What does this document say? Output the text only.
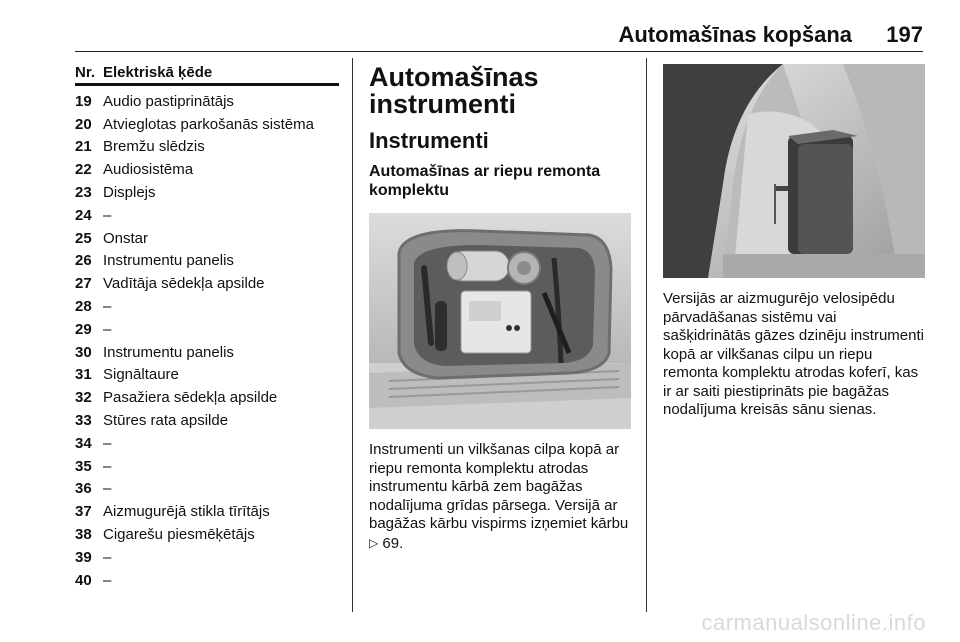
Automašīnas kopšana 197
Nr. Elektriskā ķēde
19 Audio pastiprinātājs
20 Atvieglotas parkošanās sistēma
21 Bremžu slēdzis
22 Audiosistēma
23 Displejs
24 –
25 Onstar
26 Instrumentu panelis
27 Vadītāja sēdekļa apsilde
28 –
29 –
30 Instrumentu panelis
31 Signāltaure
32 Pasažiera sēdekļa apsilde
33 Stūres rata apsilde
34 –
35 –
36 –
37 Aizmugurējā stikla tīrītājs
38 Cigarešu piesmēķētājs
39 –
40 –
Automašīnas
instrumenti
Instrumenti
Automašīnas ar riepu remonta
komplektu
Instrumenti un vilkšanas cilpa kopā ar riepu remonta komplektu atrodas instrumentu kārbā zem bagāžas nodalījuma grīdas pārsega. Versijā ar bagāžas kārbu vispirms izņemiet kārbu ▷ 69.
Versijās ar aizmugurējo velosipēdu pārvadāšanas sistēmu vai sašķidrinātās gāzes dzinēju instrumenti kopā ar vilkšanas cilpu un riepu remonta komplektu atrodas koferī, kas ir ar saiti piestiprināts pie bagāžas nodalījuma kreisās sānu sienas.
carmanualsonline.info
